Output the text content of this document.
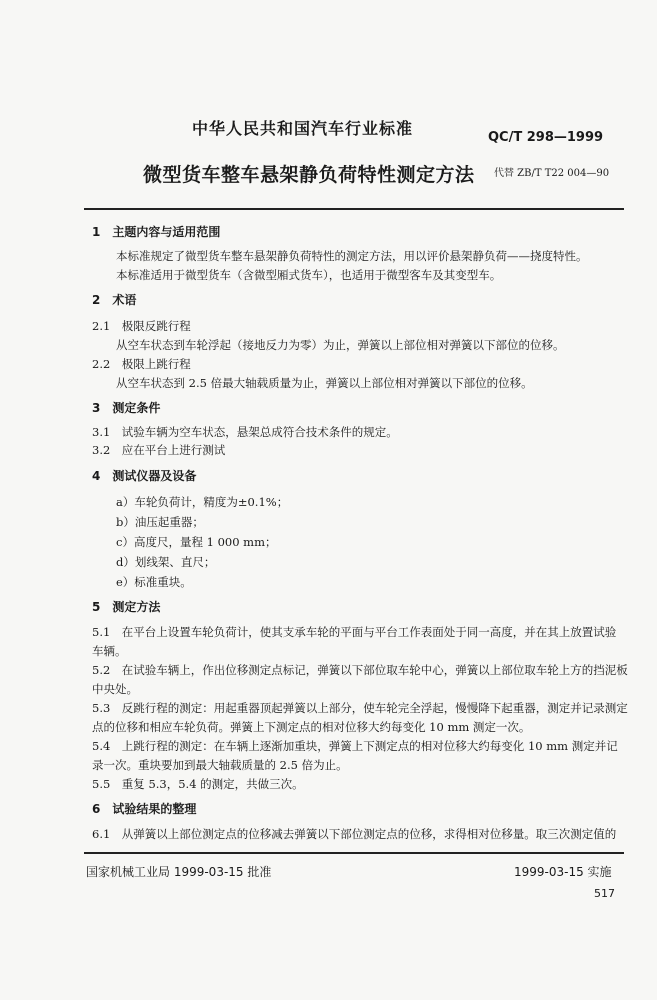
中华人民共和国汽车行业标准	QC/T 298—1999
微型货车整车悬架静负荷特性测定方法 代替 ZB/T T22 004—90
1　主题内容与适用范围
本标准规定了微型货车整车悬架静负荷特性的测定方法，用以评价悬架静负荷——挠度特性。
本标准适用于微型货车（含微型厢式货车），也适用于微型客车及其变型车。
2　术语
2.1　极限反跳行程
从空车状态到车轮浮起（接地反力为零）为止，弹簧以上部位相对弹簧以下部位的位移。
2.2　极限上跳行程
从空车状态到 2.5 倍最大轴载质量为止，弹簧以上部位相对弹簧以下部位的位移。
3　测定条件
3.1　试验车辆为空车状态，悬架总成符合技术条件的规定。
3.2　应在平台上进行测试
4　测试仪器及设备
a）车轮负荷计，精度为±0.1%；
b）油压起重器；
c）高度尺，量程 1 000 mm；
d）划线架、直尺；
e）标准重块。
5　测定方法
5.1　在平台上设置车轮负荷计，使其支承车轮的平面与平台工作表面处于同一高度，并在其上放置试验
车辆。
5.2　在试验车辆上，作出位移测定点标记，弹簧以下部位取车轮中心，弹簧以上部位取车轮上方的挡泥板
中央处。
5.3　反跳行程的测定：用起重器顶起弹簧以上部分，使车轮完全浮起，慢慢降下起重器，测定并记录测定
点的位移和相应车轮负荷。弹簧上下测定点的相对位移大约每变化 10 mm 测定一次。
5.4　上跳行程的测定：在车辆上逐渐加重块，弹簧上下测定点的相对位移大约每变化 10 mm 测定并记
录一次。重块要加到最大轴载质量的 2.5 倍为止。
5.5　重复 5.3，5.4 的测定，共做三次。
6　试验结果的整理
6.1　从弹簧以上部位测定点的位移减去弹簧以下部位测定点的位移，求得相对位移量。取三次测定值的
国家机械工业局 1999-03-15 批准	1999-03-15 实施
517
